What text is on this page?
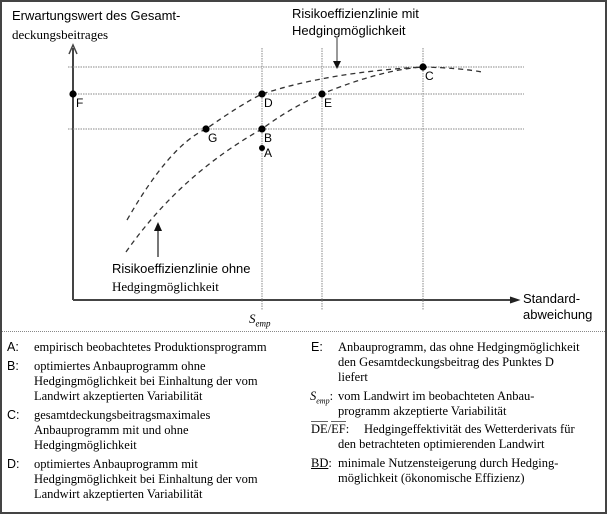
Erwartungswert des Gesamt-
deckungsbeitrages
Risikoeffizienzlinie mit
Hedgingmöglichkeit
Risikoeffizienzlinie ohne
Hedgingmöglichkeit
Standard-
abweichung
$S_{emp}$
A
B
C
D	E
F
G
A: empirisch beobachtetes Produktionsprogramm
B: optimiertes Anbauprogramm ohne
Hedgingmöglichkeit bei Einhaltung der vom
Landwirt akzeptierten Variabilität
C: gesamtdeckungsbeitragsmaximales
Anbauprogramm mit und ohne
Hedgingmöglichkeit
D: optimiertes Anbauprogramm mit
Hedgingmöglichkeit bei Einhaltung der vom
Landwirt akzeptierten Variabilität
E: Anbauprogramm, das ohne Hedgingmöglichkeit
den Gesamtdeckungsbeitrag des Punktes D
liefert
$S_{emp}$: vom Landwirt im beobachteten Anbau-
programm akzeptierte Variabilität
DE/EF: Hedgingeffektivität des Wetterderivats für
den betrachteten optimierenden Landwirt
BD: minimale Nutzensteigerung durch Hedging-
möglichkeit (ökonomische Effizienz)
